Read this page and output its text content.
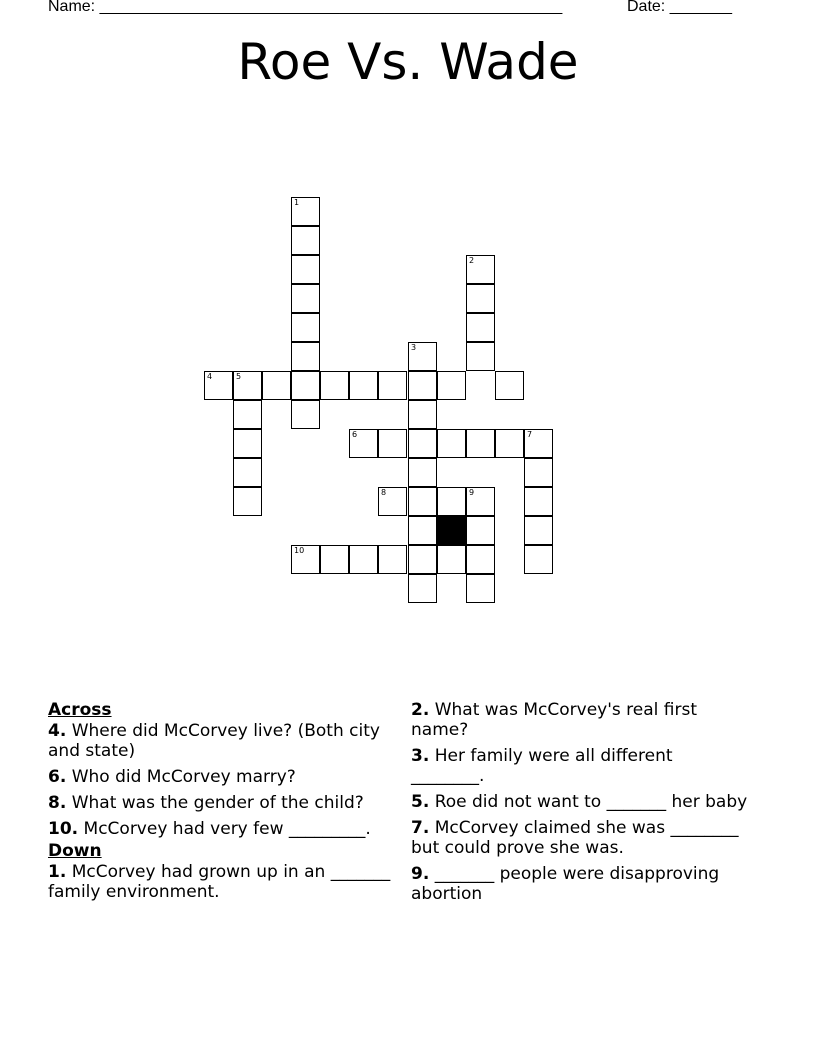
Name: ____________________________________________________	Date: _______
Roe Vs. Wade
1
2
3
4	5
6	7
8	9
10
Across
4. Where did McCorvey live? (Both city and state)
6. Who did McCorvey marry?
8. What was the gender of the child?
10. McCorvey had very few _________.
Down
1. McCorvey had grown up in an _______ family environment.
2. What was McCorvey's real first name?
3. Her family were all different ________.
5. Roe did not want to _______ her baby
7. McCorvey claimed she was ________ but could prove she was.
9. _______ people were disapproving abortion
